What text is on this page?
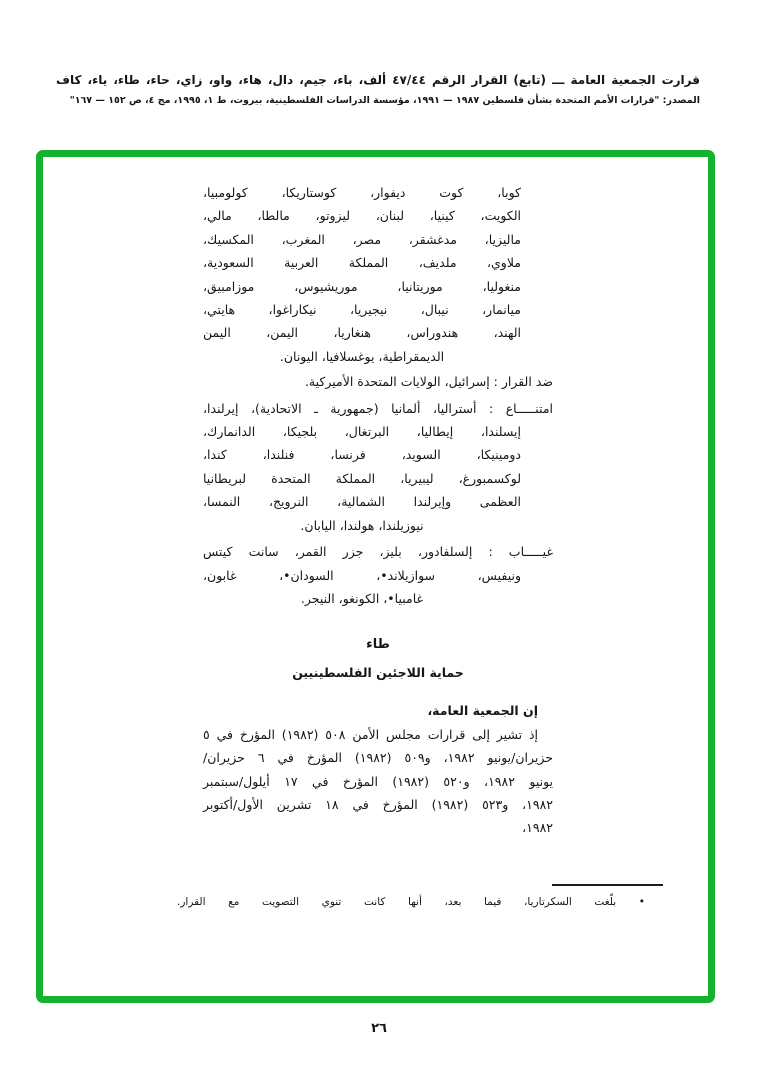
قرارت الجمعية العامة ـــ (تابع) القرار الرقم ٤٧/٤٤ ألف، باء، جيم، دال، هاء، واو، زاي، حاء، طاء، ياء، كاف
المصدر: "قرارات الأمم المتحدة بشأن فلسطين ١٩٨٧ — ١٩٩١، مؤسسة الدراسات الفلسطينية، بيروت، ط ١، ١٩٩٥، مج ٤، ص ١٥٢ — ١٦٧"
كوبا، كوت ديفوار، كوستاريكا، كولومبيا،
الكويت، كينيا، لبنان، ليزوتو، مالطا، مالي،
ماليزيا، مدغشقر، مصر، المغرب، المكسيك،
ملاوي، ملديف، المملكة العربية السعودية،
منغوليا، موريتانيا، موريشيوس، موزامبيق،
ميانمار، نيبال، نيجيريا، نيكاراغوا، هايتي،
الهند، هندوراس، هنغاريا، اليمن، اليمن
الديمقراطية، يوغسلافيا، اليونان.
ضد القرار : إسرائيل، الولايات المتحدة الأميركية.
امتنـــــاع : أستراليا، ألمانيا (جمهورية ـ الاتحادية)، إيرلندا،
إيسلندا، إيطاليا، البرتغال، بلجيكا، الدانمارك،
دومينيكا، السويد، فرنسا، فنلندا، كندا،
لوكسمبورغ، ليبيريا، المملكة المتحدة لبريطانيا
العظمى وإيرلندا الشمالية، النرويج، النمسا،
نيوزيلندا، هولندا، اليابان.
غيـــــاب : إلسلفادور، بليز، جزر القمر، سانت كيتس
ونيفيس، سوازيلاند•، السودان•، غابون،
غامبيا•، الكونغو، النيجر.
طاء
حماية اللاجئين الفلسطينيين
إن الجمعية العامة،
إذ تشير إلى قرارات مجلس الأمن ٥٠٨ (١٩٨٢) المؤرخ في ٥
حزيران/يونيو ١٩٨٢، و٥٠٩ (١٩٨٢) المؤرخ في ٦ حزيران/
يونيو ١٩٨٢، و٥٢٠ (١٩٨٢) المؤرخ في ١٧ أيلول/سبتمبر
١٩٨٢، و٥٢٣ (١٩٨٢) المؤرخ في ١٨ تشرين الأول/أكتوبر
١٩٨٢،
• بلّغت السكرتاريا، فيما بعد، أنها كانت تنوي التصويت مع القرار.
٢٦
